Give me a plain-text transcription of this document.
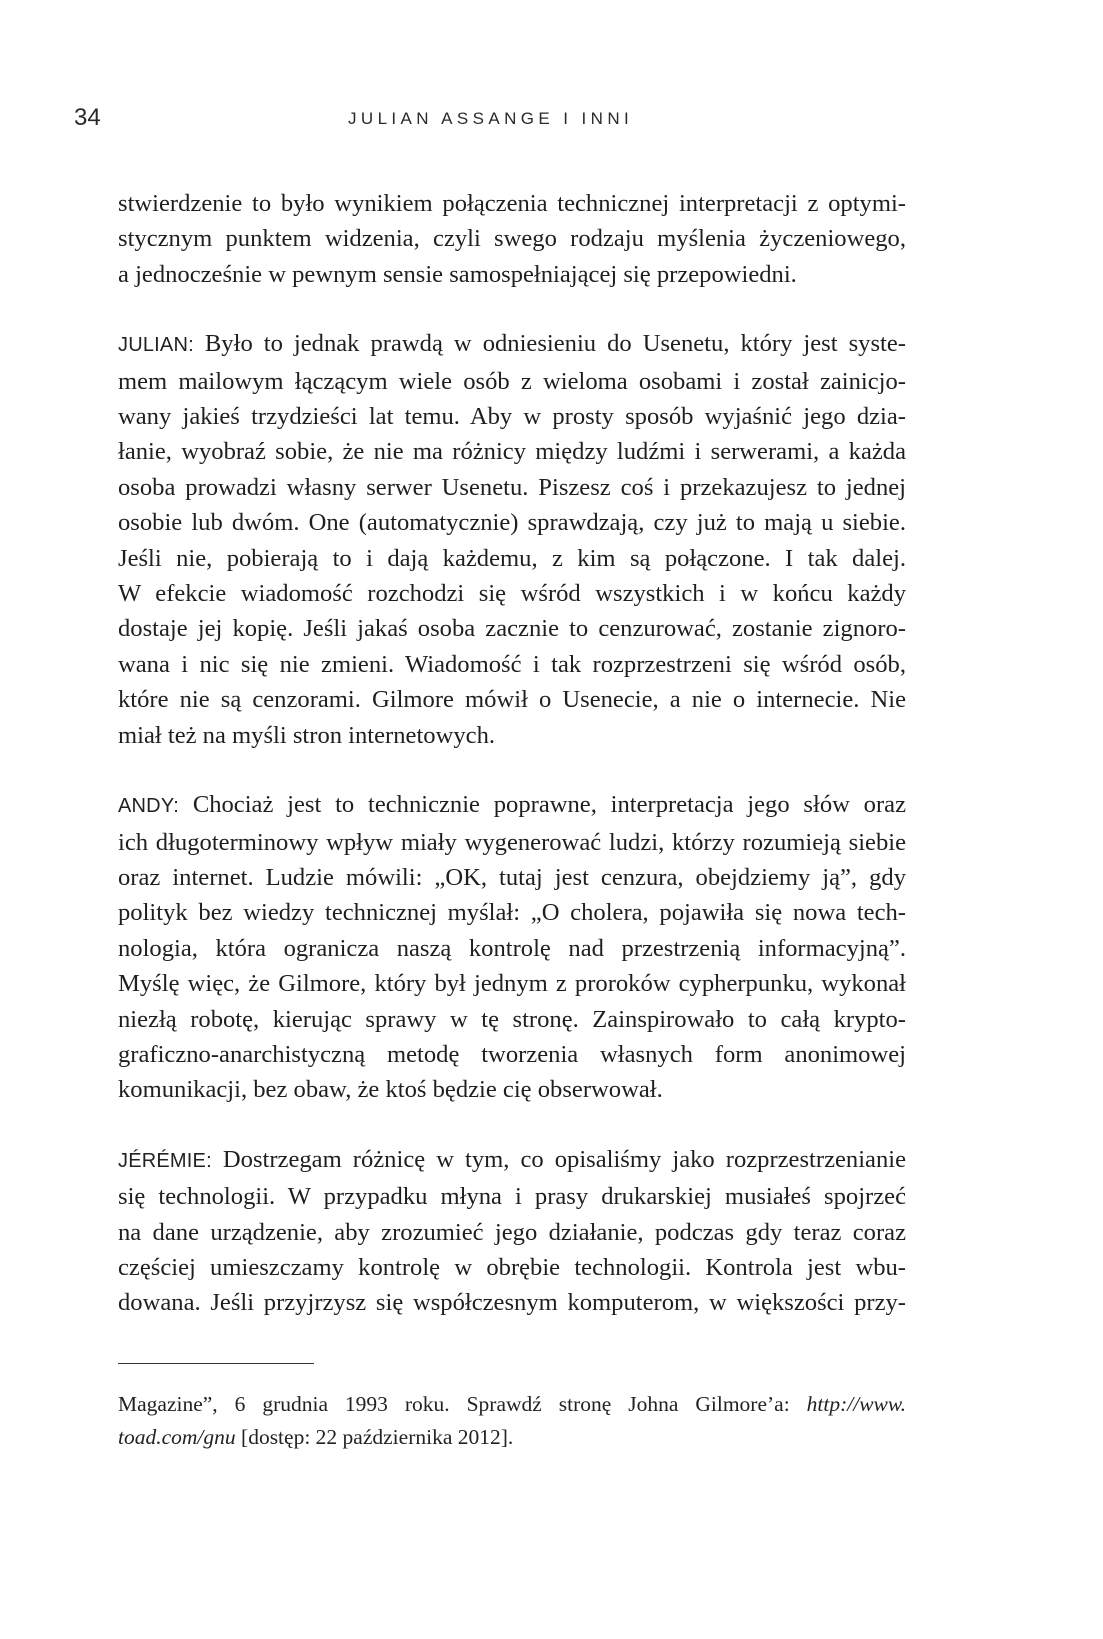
34	JULIAN ASSANGE I INNI

stwierdzenie to było wynikiem połączenia technicznej interpretacji z optymi-
stycznym punktem widzenia, czyli swego rodzaju myślenia życzeniowego,
a jednocześnie w pewnym sensie samospełniającej się przepowiedni.

JULIAN: Było to jednak prawdą w odniesieniu do Usenetu, który jest syste-
mem mailowym łączącym wiele osób z wieloma osobami i został zainicjo-
wany jakieś trzydzieści lat temu. Aby w prosty sposób wyjaśnić jego dzia-
łanie, wyobraź sobie, że nie ma różnicy między ludźmi i serwerami, a każda
osoba prowadzi własny serwer Usenetu. Piszesz coś i przekazujesz to jednej
osobie lub dwóm. One (automatycznie) sprawdzają, czy już to mają u siebie.
Jeśli nie, pobierają to i dają każdemu, z kim są połączone. I tak dalej.
W efekcie wiadomość rozchodzi się wśród wszystkich i w końcu każdy
dostaje jej kopię. Jeśli jakaś osoba zacznie to cenzurować, zostanie zignoro-
wana i nic się nie zmieni. Wiadomość i tak rozprzestrzeni się wśród osób,
które nie są cenzorami. Gilmore mówił o Usenecie, a nie o internecie. Nie
miał też na myśli stron internetowych.

ANDY: Chociaż jest to technicznie poprawne, interpretacja jego słów oraz
ich długoterminowy wpływ miały wygenerować ludzi, którzy rozumieją siebie
oraz internet. Ludzie mówili: „OK, tutaj jest cenzura, obejdziemy ją”, gdy
polityk bez wiedzy technicznej myślał: „O cholera, pojawiła się nowa tech-
nologia, która ogranicza naszą kontrolę nad przestrzenią informacyjną”.
Myślę więc, że Gilmore, który był jednym z proroków cypherpunku, wykonał
niezłą robotę, kierując sprawy w tę stronę. Zainspirowało to całą krypto-
graficzno-anarchistyczną metodę tworzenia własnych form anonimowej
komunikacji, bez obaw, że ktoś będzie cię obserwował.

JÉRÉMIE: Dostrzegam różnicę w tym, co opisaliśmy jako rozprzestrzenianie
się technologii. W przypadku młyna i prasy drukarskiej musiałeś spojrzeć
na dane urządzenie, aby zrozumieć jego działanie, podczas gdy teraz coraz
częściej umieszczamy kontrolę w obrębie technologii. Kontrola jest wbu-
dowana. Jeśli przyjrzysz się współczesnym komputerom, w większości przy-

Magazine”, 6 grudnia 1993 roku. Sprawdź stronę Johna Gilmore’a: http://www.
toad.com/gnu [dostęp: 22 października 2012].
